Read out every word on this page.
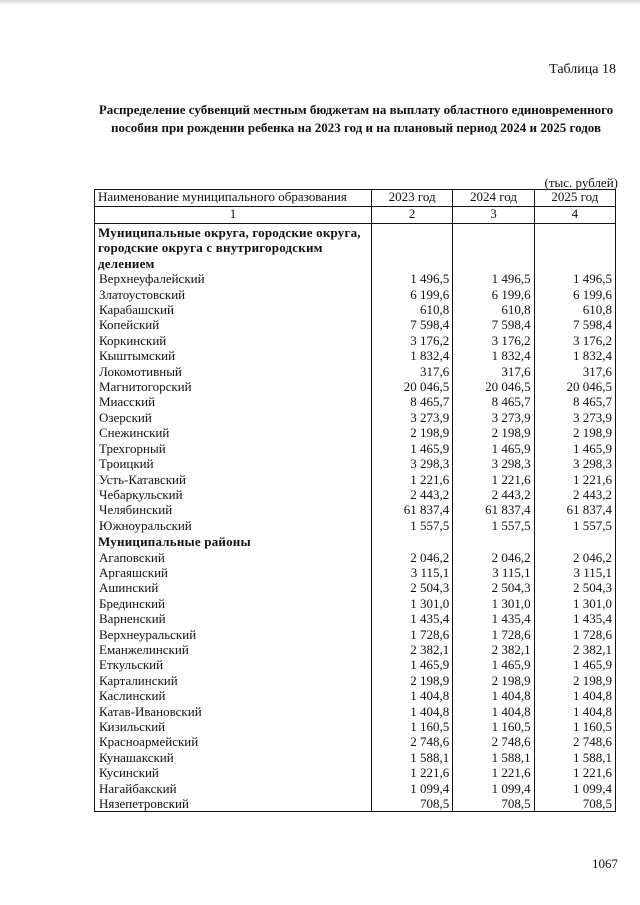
Таблица 18
Распределение субвенций местным бюджетам на выплату областного единовременного пособия при рождении ребенка на 2023 год и на плановый период 2024 и 2025 годов
(тыс. рублей)
Наименование муниципального образования	2023 год	2024 год	2025 год
1	2	3	4
Муниципальные округа, городские округа, городские округа с внутригородским делением			
Верхнеуфалейский	1 496,5	1 496,5	1 496,5
Златоустовский	6 199,6	6 199,6	6 199,6
Карабашский	610,8	610,8	610,8
Копейский	7 598,4	7 598,4	7 598,4
Коркинский	3 176,2	3 176,2	3 176,2
Кыштымский	1 832,4	1 832,4	1 832,4
Локомотивный	317,6	317,6	317,6
Магнитогорский	20 046,5	20 046,5	20 046,5
Миасский	8 465,7	8 465,7	8 465,7
Озерский	3 273,9	3 273,9	3 273,9
Снежинский	2 198,9	2 198,9	2 198,9
Трехгорный	1 465,9	1 465,9	1 465,9
Троицкий	3 298,3	3 298,3	3 298,3
Усть-Катавский	1 221,6	1 221,6	1 221,6
Чебаркульский	2 443,2	2 443,2	2 443,2
Челябинский	61 837,4	61 837,4	61 837,4
Южноуральский	1 557,5	1 557,5	1 557,5
Муниципальные районы			
Агаповский	2 046,2	2 046,2	2 046,2
Аргаяшский	3 115,1	3 115,1	3 115,1
Ашинский	2 504,3	2 504,3	2 504,3
Брединский	1 301,0	1 301,0	1 301,0
Варненский	1 435,4	1 435,4	1 435,4
Верхнеуральский	1 728,6	1 728,6	1 728,6
Еманжелинский	2 382,1	2 382,1	2 382,1
Еткульский	1 465,9	1 465,9	1 465,9
Карталинский	2 198,9	2 198,9	2 198,9
Каслинский	1 404,8	1 404,8	1 404,8
Катав-Ивановский	1 404,8	1 404,8	1 404,8
Кизильский	1 160,5	1 160,5	1 160,5
Красноармейский	2 748,6	2 748,6	2 748,6
Кунашакский	1 588,1	1 588,1	1 588,1
Кусинский	1 221,6	1 221,6	1 221,6
Нагайбакский	1 099,4	1 099,4	1 099,4
Нязепетровский	708,5	708,5	708,5
1067
